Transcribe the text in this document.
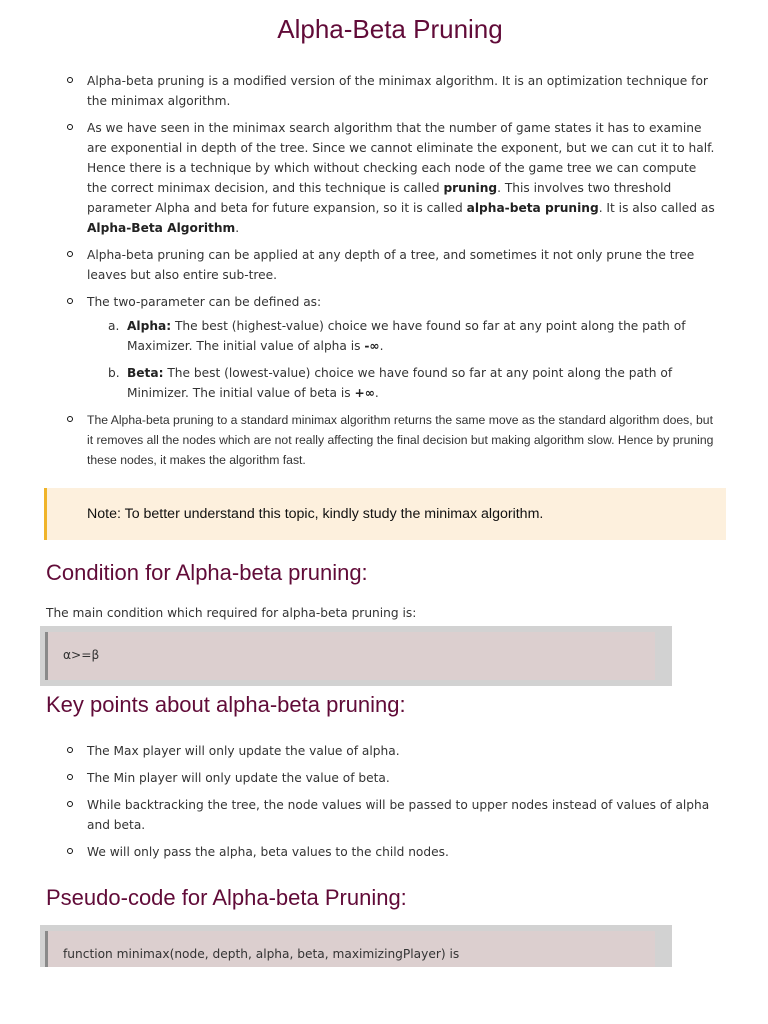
Alpha-Beta Pruning
Alpha-beta pruning is a modified version of the minimax algorithm. It is an optimization technique for the minimax algorithm.
As we have seen in the minimax search algorithm that the number of game states it has to examine are exponential in depth of the tree. Since we cannot eliminate the exponent, but we can cut it to half. Hence there is a technique by which without checking each node of the game tree we can compute the correct minimax decision, and this technique is called pruning. This involves two threshold parameter Alpha and beta for future expansion, so it is called alpha-beta pruning. It is also called as Alpha-Beta Algorithm.
Alpha-beta pruning can be applied at any depth of a tree, and sometimes it not only prune the tree leaves but also entire sub-tree.
The two-parameter can be defined as:
a. Alpha: The best (highest-value) choice we have found so far at any point along the path of Maximizer. The initial value of alpha is -∞.
b. Beta: The best (lowest-value) choice we have found so far at any point along the path of Minimizer. The initial value of beta is +∞.
The Alpha-beta pruning to a standard minimax algorithm returns the same move as the standard algorithm does, but it removes all the nodes which are not really affecting the final decision but making algorithm slow. Hence by pruning these nodes, it makes the algorithm fast.
Note: To better understand this topic, kindly study the minimax algorithm.
Condition for Alpha-beta pruning:
The main condition which required for alpha-beta pruning is:
α>=β
Key points about alpha-beta pruning:
The Max player will only update the value of alpha.
The Min player will only update the value of beta.
While backtracking the tree, the node values will be passed to upper nodes instead of values of alpha and beta.
We will only pass the alpha, beta values to the child nodes.
Pseudo-code for Alpha-beta Pruning:
function minimax(node, depth, alpha, beta, maximizingPlayer) is
